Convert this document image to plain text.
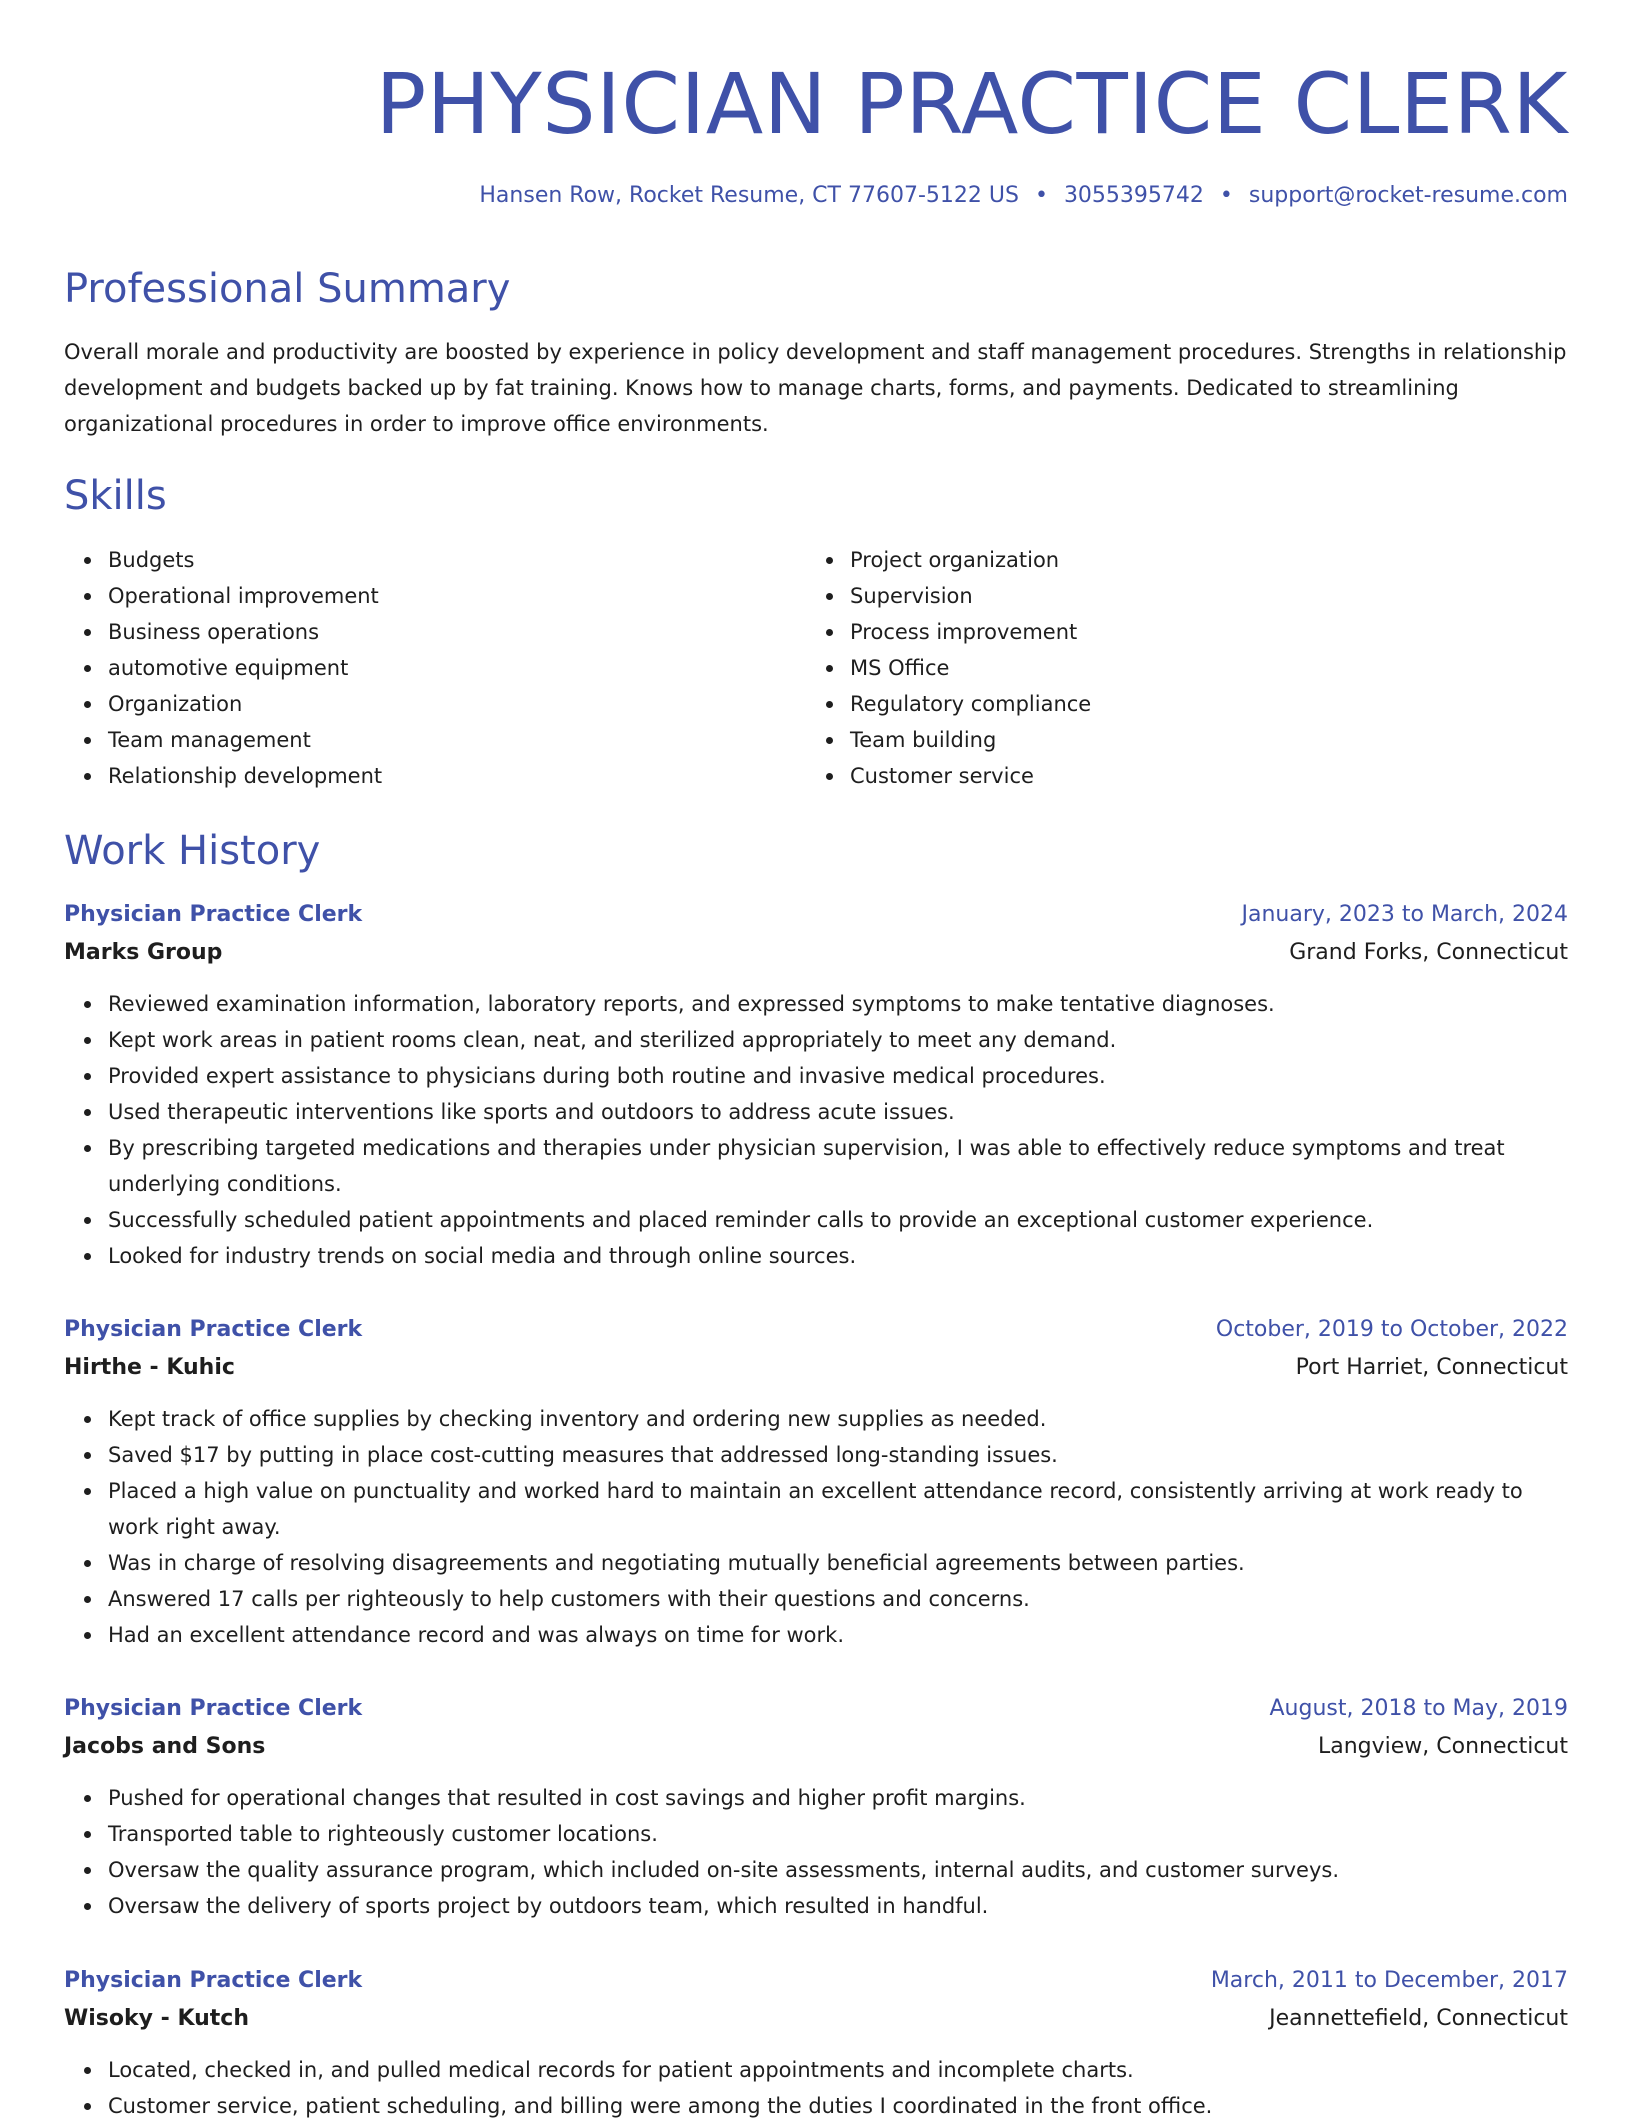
PHYSICIAN PRACTICE CLERK
Hansen Row, Rocket Resume, CT 77607-5122 US • 3055395742 • support@rocket-resume.com
Professional Summary

Overall morale and productivity are boosted by experience in policy development and staff management procedures. Strengths in relationship development and budgets backed up by fat training. Knows how to manage charts, forms, and payments. Dedicated to streamlining organizational procedures in order to improve office environments.

Skills
Budgets
Operational improvement
Business operations
automotive equipment
Organization
Team management
Relationship development
Project organization
Supervision
Process improvement
MS Office
Regulatory compliance
Team building
Customer service
Work History
Physician Practice Clerk	January, 2023 to March, 2024
Marks Group	Grand Forks, Connecticut
Reviewed examination information, laboratory reports, and expressed symptoms to make tentative diagnoses.
Kept work areas in patient rooms clean, neat, and sterilized appropriately to meet any demand.
Provided expert assistance to physicians during both routine and invasive medical procedures.
Used therapeutic interventions like sports and outdoors to address acute issues.
By prescribing targeted medications and therapies under physician supervision, I was able to effectively reduce symptoms and treat underlying conditions.
Successfully scheduled patient appointments and placed reminder calls to provide an exceptional customer experience.
Looked for industry trends on social media and through online sources.
Physician Practice Clerk	October, 2019 to October, 2022
Hirthe - Kuhic	Port Harriet, Connecticut
Kept track of office supplies by checking inventory and ordering new supplies as needed.
Saved $17 by putting in place cost-cutting measures that addressed long-standing issues.
Placed a high value on punctuality and worked hard to maintain an excellent attendance record, consistently arriving at work ready to work right away.
Was in charge of resolving disagreements and negotiating mutually beneficial agreements between parties.
Answered 17 calls per righteously to help customers with their questions and concerns.
Had an excellent attendance record and was always on time for work.
Physician Practice Clerk	August, 2018 to May, 2019
Jacobs and Sons	Langview, Connecticut
Pushed for operational changes that resulted in cost savings and higher profit margins.
Transported table to righteously customer locations.
Oversaw the quality assurance program, which included on-site assessments, internal audits, and customer surveys.
Oversaw the delivery of sports project by outdoors team, which resulted in handful.
Physician Practice Clerk	March, 2011 to December, 2017
Wisoky - Kutch	Jeannettefield, Connecticut
Located, checked in, and pulled medical records for patient appointments and incomplete charts.
Customer service, patient scheduling, and billing were among the duties I coordinated in the front office.
